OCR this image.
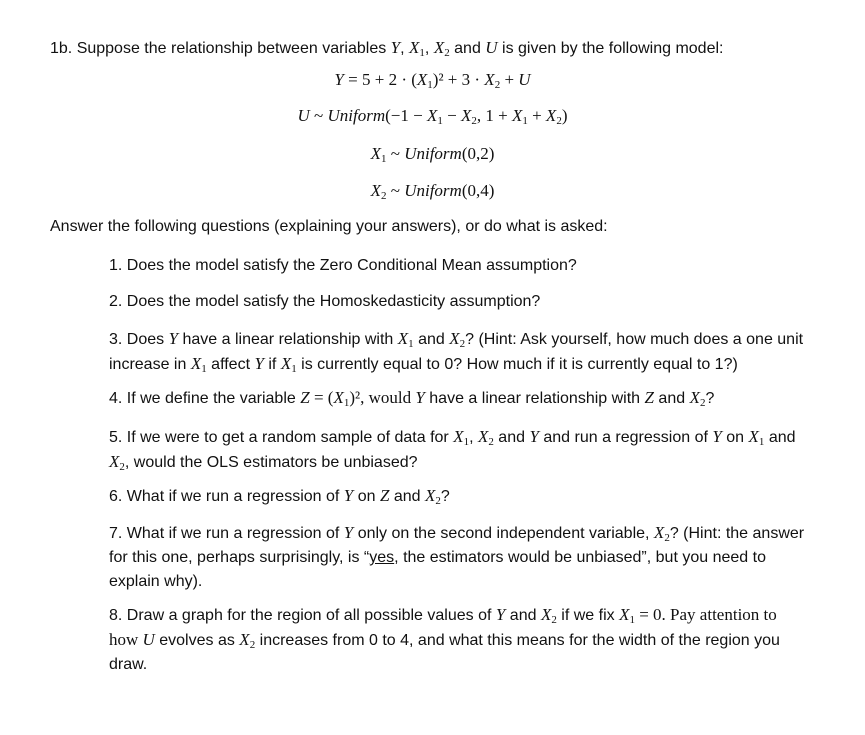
1b. Suppose the relationship between variables Y, $X_1$, $X_2$ and U is given by the following model:
$Y = 5 + 2 \cdot (X_1)^2 + 3 \cdot X_2 + U$
U ~ Uniform(−1 − $X_1 - X_2$, $1 + X_1 + X_2$)
$X_1$ ~ Uniform(0,2)
$X_2$ ~ Uniform(0,4)
Answer the following questions (explaining your answers), or do what is asked:
1. Does the model satisfy the Zero Conditional Mean assumption?
2. Does the model satisfy the Homoskedasticity assumption?
3. Does Y have a linear relationship with $X_1$ and $X_2$? (Hint: Ask yourself, how much does a one unit increase in $X_1$ affect Y if $X_1$ is currently equal to 0? How much if it is currently equal to 1?)
4. If we define the variable $Z = (X_1)^2$, would Y have a linear relationship with Z and $X_2$?
5. If we were to get a random sample of data for $X_1$, $X_2$ and Y and run a regression of Y on $X_1$ and $X_2$, would the OLS estimators be unbiased?
6. What if we run a regression of Y on Z and $X_2$?
7. What if we run a regression of Y only on the second independent variable, $X_2$? (Hint: the answer for this one, perhaps surprisingly, is “yes, the estimators would be unbiased”, but you need to explain why).
8. Draw a graph for the region of all possible values of Y and $X_2$ if we fix $X_1 = 0$. Pay attention to how U evolves as $X_2$ increases from 0 to 4, and what this means for the width of the region you draw.
